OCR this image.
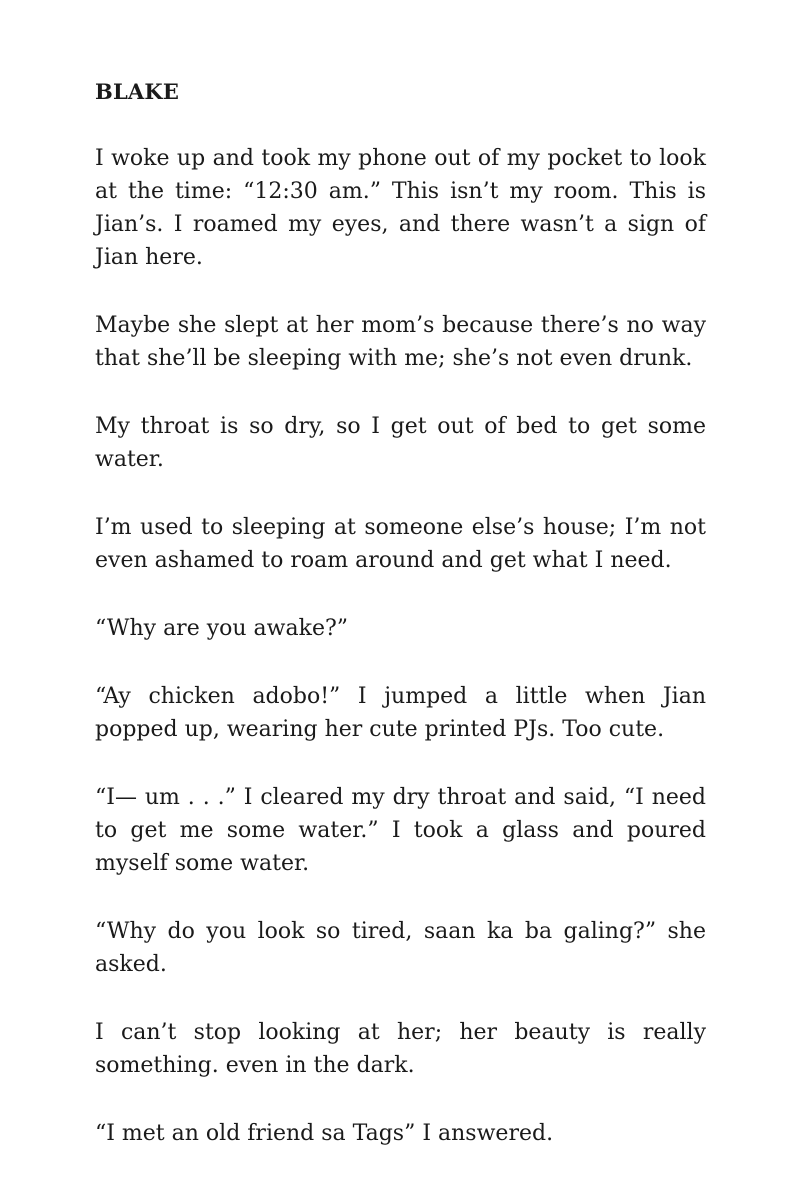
BLAKE

I woke up and took my phone out of my pocket to look at the time: “12:30 am.” This isn’t my room. This is Jian’s. I roamed my eyes, and there wasn’t a sign of Jian here.

Maybe she slept at her mom’s because there’s no way that she’ll be sleeping with me; she’s not even drunk.

My throat is so dry, so I get out of bed to get some water.

I’m used to sleeping at someone else’s house; I’m not even ashamed to roam around and get what I need.

“Why are you awake?”

“Ay chicken adobo!” I jumped a little when Jian popped up, wearing her cute printed PJs. Too cute.

“I— um . . .” I cleared my dry throat and said, “I need to get me some water.” I took a glass and poured myself some water.

“Why do you look so tired, saan ka ba galing?” she asked.

I can’t stop looking at her; her beauty is really something. even in the dark.

“I met an old friend sa Tags” I answered.
